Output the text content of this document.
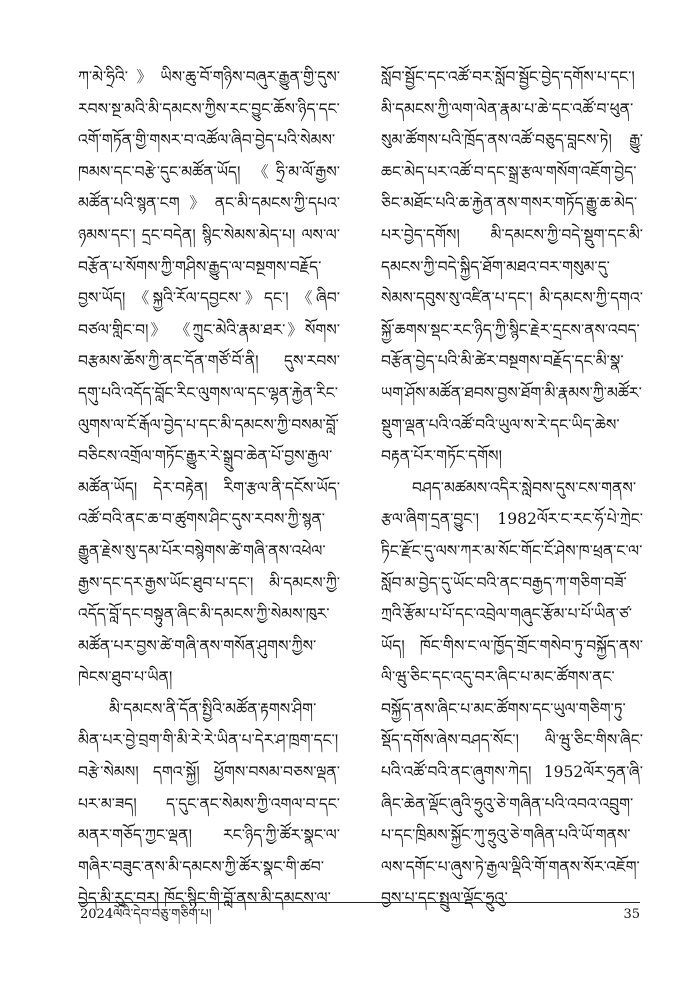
ཀ་མེ་ཧྲིའི་》ཡིས་ཆུ་བོ་གཉིས་བཞུར་རྒྱུན་གྱི་དུས་རབས་སྔ་མའི་མི་དམངས་ཀྱིས་རང་བྱུང་ཆོས་ཉིད་དང་འགོ་གཏོན་གྱི་གསར་བ་འཚོལ་ཞིབ་བྱེད་པའི་སེམས་ཁམས་དང་བརྩེ་དུང་མཚོན་ཡོད། 《ཧྲི་མ་ལོ་རྒྱས་མཚོན་པའི་སྙན་ངག》ནང་མི་དམངས་ཀྱི་དཔའ་ཉམས་དང་། དྲང་བདེན། སྙིང་སེམས་མེད་པ། ལས་ལ་བརྩོན་པ་སོགས་ཀྱི་གཤིས་རྒྱུད་ལ་བསྔགས་བརྗོད་བྱས་ཡོད། 《སྐྱའི་རོལ་དབྱངས་》དང་། 《ཞིབ་བཙལ་གླིང་བ།》 《ཀྲུང་མེའི་རྣམ་ཐར་》སོགས་བརྩམས་ཆོས་ཀྱི་ནང་དོན་གཙོ་བོ་ནི། དུས་རབས་དགུ་པའི་འདོད་བློང་རིང་ལུགས་ལ་དང་ལྷན་རྐྱེན་རིང་ལུགས་ལ་ངོ་རྒོལ་བྱེད་པ་དང་མི་དམངས་ཀྱི་བསམ་བློ་བཅིངས་འགྲོལ་གཏོང་རྒྱུར་རེ་སྒྲུབ་ཆེན་པོ་བྱས་རྒྱལ་མཚོན་ཡོད། དེར་བརྟེན། རིག་རྩལ་ནི་དངོས་ཡོད་འཚོ་བའི་ནང་ཆ་བ་ཚུགས་ཤིང་དུས་རབས་ཀྱི་སྙན་རྒྱུན་རྗེས་སུ་དམ་པོར་བསྙེགས་ཚེ་གཞི་ནས་འཕེལ་རྒྱས་དང་དར་རྒྱས་ཡོང་ཐུབ་པ་དང་། མི་དམངས་ཀྱི་འདོད་བློ་དང་བསྟུན་ཞིང་མི་དམངས་ཀྱི་སེམས་ཁུར་མཚོན་པར་བྱས་ཚེ་གཞི་ནས་གསོན་ཤུགས་ཀྱིས་ཁེངས་ཐུབ་པ་ཡིན།

མི་དམངས་ནི་དོན་སྤྱིའི་མཚོན་རྟགས་ཤིག་མིན་པར་བྱེ་བྲག་གི་མི་རེ་རེ་ཡིན་པ་དེར་ཤ་ཁྲག་དང་། བརྩེ་སེམས། དགའ་སྐྱོ། ཕྱོགས་བསམ་བཅས་ལྡན་པར་མ་ཟད། ད་དུང་ནང་སེམས་ཀྱི་འགལ་བ་དང་མནར་གཅོད་ཀྱང་ལྡན། རང་ཉིད་ཀྱི་ཚོར་སྣང་ལ་གཞིར་བཟུང་ནས་མི་དམངས་ཀྱི་ཚོར་སྣང་གི་ཚབ་བྱེད་མི་རུང་བར། ཁོང་སྙིང་གི་བློ་ནས་མི་དམངས་ལ་

སློབ་སྦྱོང་དང་འཚོ་བར་སློབ་སྦྱོང་བྱེད་དགོས་པ་དང་། མི་དམངས་ཀྱི་ལག་ལེན་རྣམ་པ་ཆེ་དང་འཚོ་བ་ཕུན་སུམ་ཚོགས་པའི་ཁྲོད་ནས་འཚོ་བཅུད་བླངས་ཏེ། རྒྱུ་ཆང་མེད་པར་འཚོ་བ་དང་སྒྲ་རྩལ་གསོག་འཇོག་བྱེད་ཅིང་མཐོང་པའི་ཆ་རྐྱེན་ནས་གསར་གཏོད་རྒྱུ་ཆ་མེད་པར་བྱེད་དགོས། མི་དམངས་ཀྱི་བདེ་སྡུག་དང་མི་དམངས་ཀྱི་བདེ་སྐྱིད་ཐོག་མཐའ་བར་གསུམ་དུ་སེམས་དབུས་སུ་འཛིན་པ་དང་། མི་དམངས་ཀྱི་དགའ་སྐྱོ་ཆགས་སྡང་རང་ཉིད་ཀྱི་སྙིང་རྗེར་དྲངས་ནས་འབད་བརྩོན་བྱེད་པའི་མི་ཚེར་བསྔགས་བརྗོད་དང་མི་སྣ་ཡག་ཤོས་མཚོན་ཐབས་བྱས་ཐོག་མི་རྣམས་ཀྱི་མཚོར་སྡུག་ལྡན་པའི་འཚོ་བའི་ཡུལ་ས་རེ་དང་ཡིད་ཆེས་བརྟན་པོར་གཏོང་དགོས།

བཤད་མཚམས་འདིར་སླེབས་དུས་ངས་གནས་རྩལ་ཞིག་དྲན་བྱུང་། 1982ལོར་ང་རང་ཧོ་པེ་ཀྲེང་ཏིང་རྫོང་དུ་ལས་ཀར་མ་སོང་གོང་ངོ་ཤེས་ཁ་ཕྲན་ང་ལ་སློབ་མ་བྱེད་དུ་ཡོང་བའི་ནང་བརྒྱད་ཀ་གཅིག་བཟོ་ཀྲའི་རྩོམ་པ་པོ་དང་འབྲེལ་གཞུང་རྩོམ་པ་པོ་ཡིན་ཙ་ཡོད། ཁོང་གིས་ང་ལ་ཁྱོད་གྲོང་གསེབ་ཏུ་བསྐྱོད་ནས་ལི་ཝུ་ཅིང་དང་འདུ་བར་ཞིང་པ་མང་ཚོགས་ནང་བསྐྱོད་ནས་ཞིང་པ་མང་ཚོགས་དང་ཡུལ་གཅིག་ཏུ་སྡོད་དགོས་ཞེས་བཤད་སོང་། ལི་ཝུ་ཅིང་གིས་ཞིང་པའི་འཚོ་བའི་ནང་ཞུགས་ཀེད། 1952ལོར་ཧྲན་ཞི་ཞིང་ཆེན་ལྡོང་ཞུའི་ཧྲུའུ་ཅེ་གཞིན་པའི་འབའ་འབྲུག་པ་དང་ཁྲིམས་སྐྱོང་ཀུ་ཧྲུའུ་ཅེ་གཞིན་པའི་ཡོ་གནས་ལས་དགོང་པ་ཞུས་ཏེ་རྒྱལ་ལྡིའི་གོ་གནས་སོར་འཇོག་བྱས་པ་དང་སྤྲུལ་ལྡོང་ཧྲུའུ་

2024ལོའི་དེབ་བཅུ་གཅིག་པ།	35
